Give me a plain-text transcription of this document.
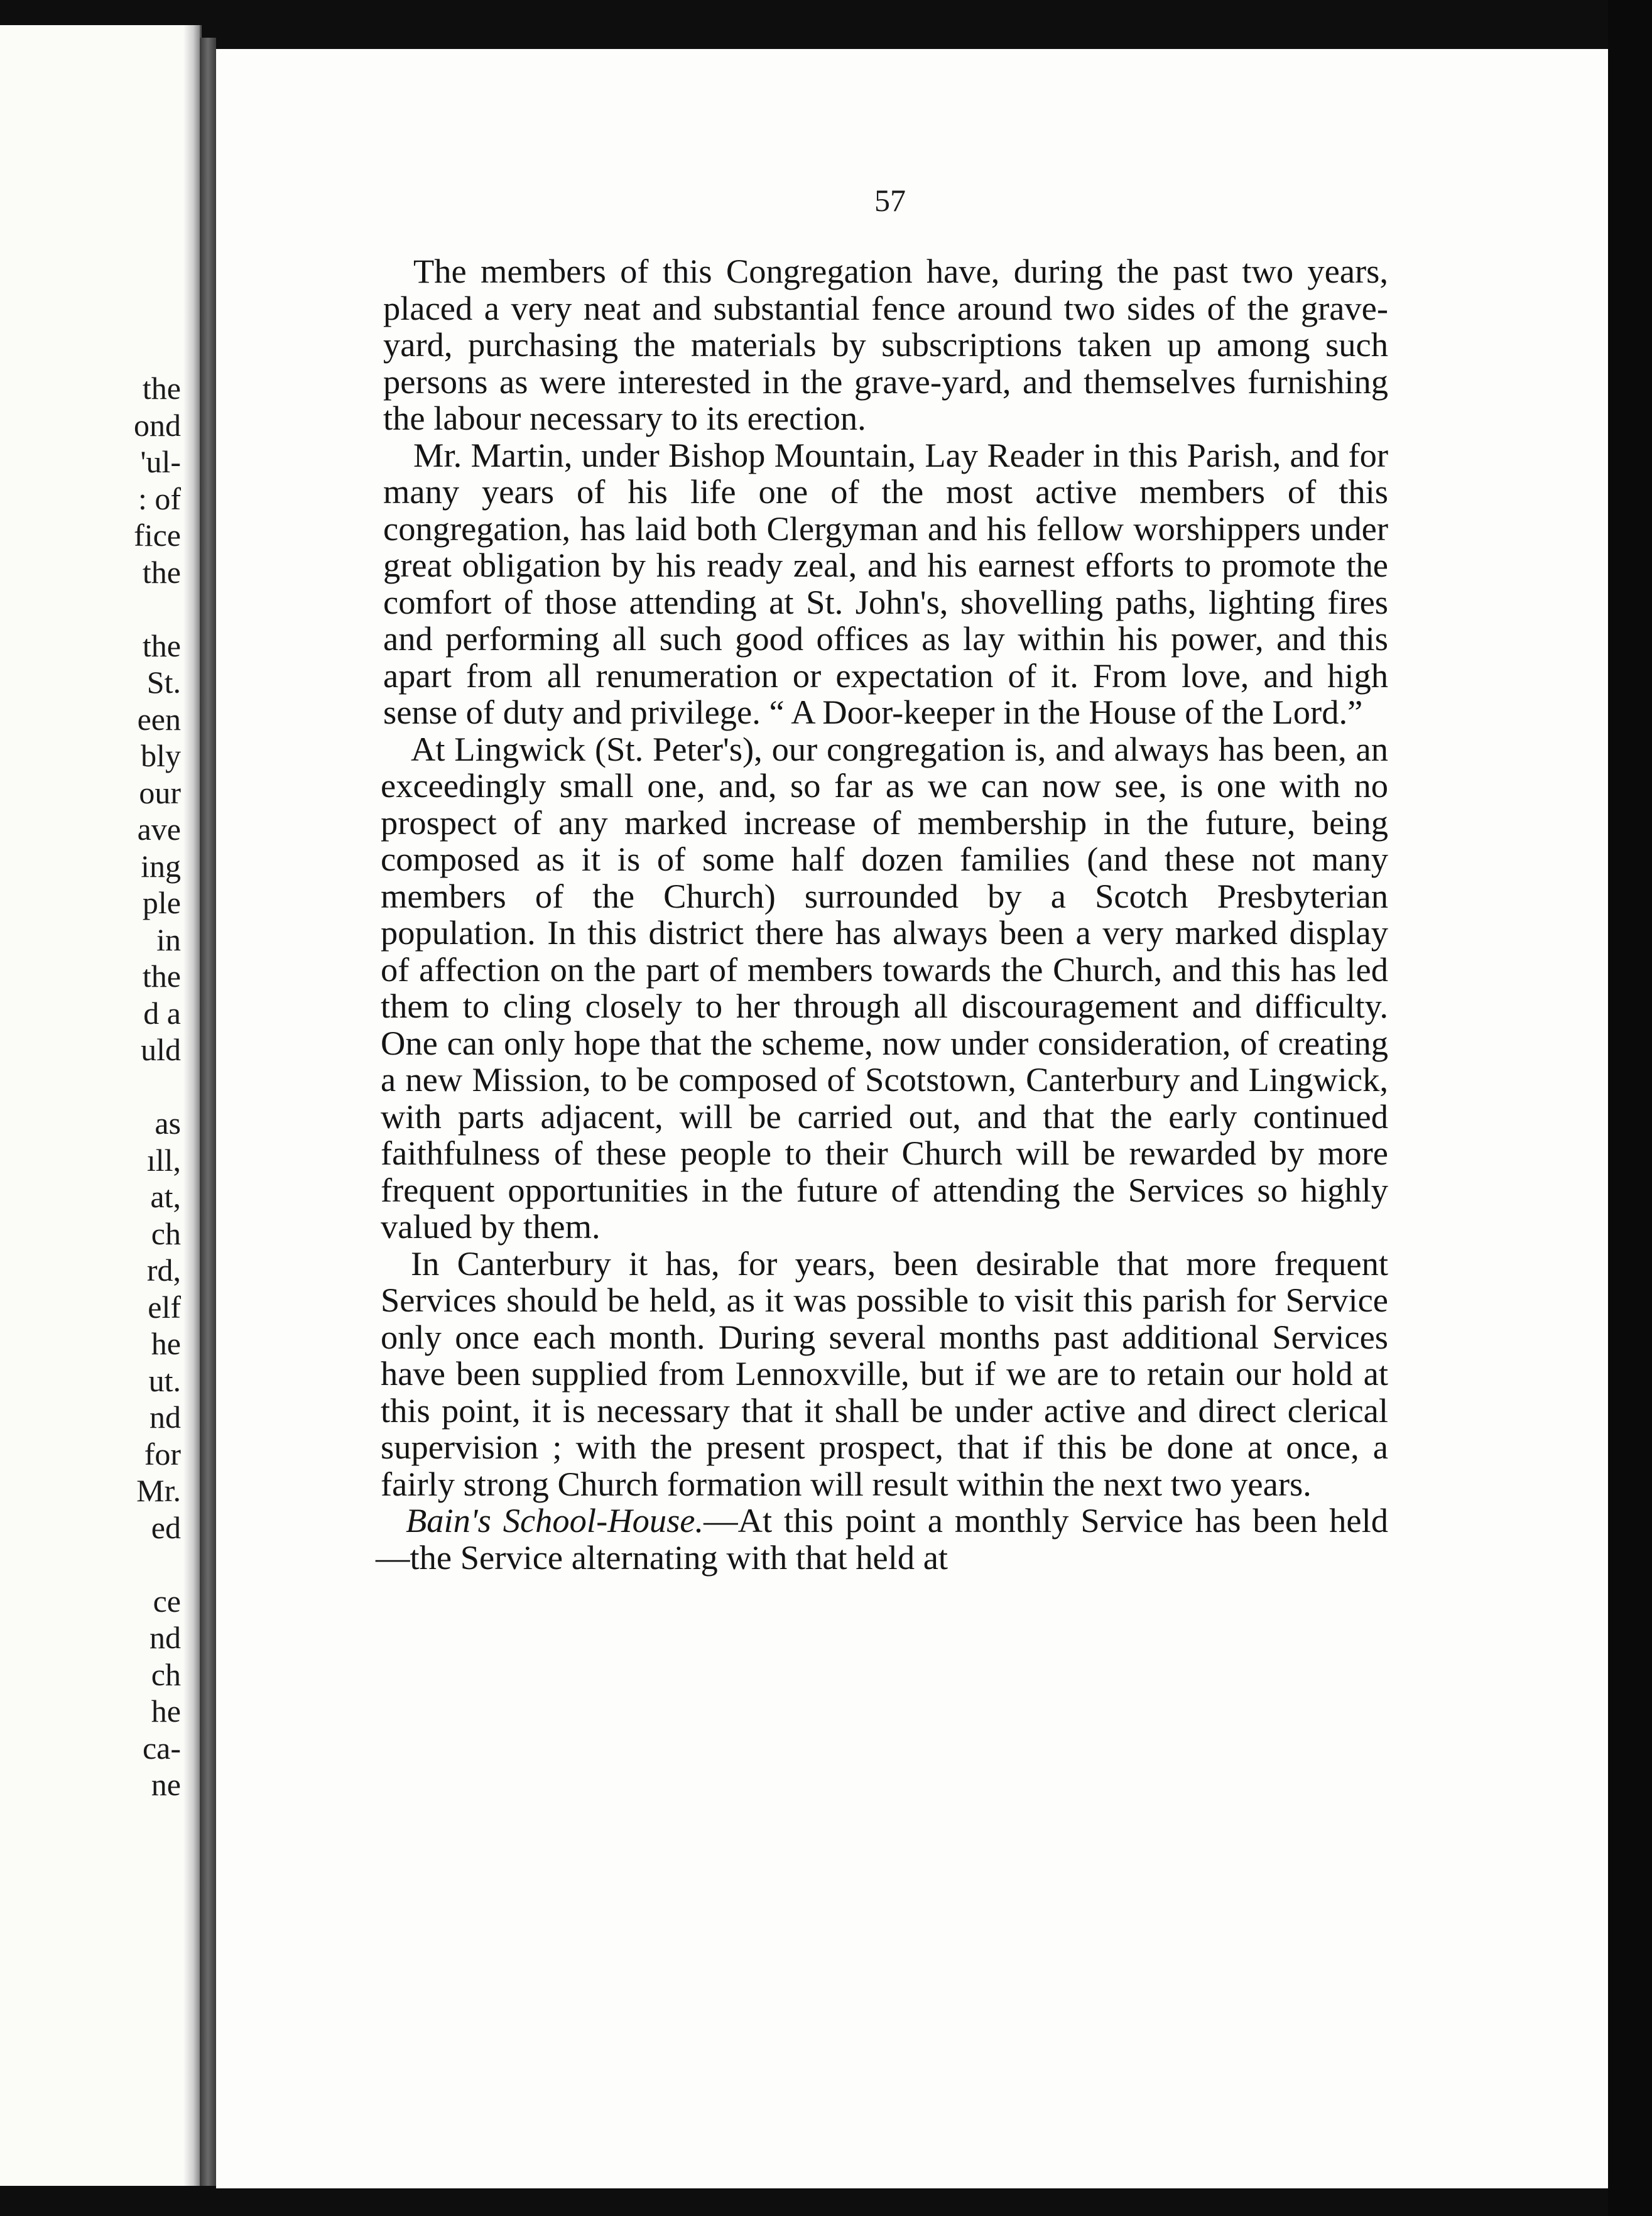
the
ond
'ul-
: of
fice
the
the
St.
een
bly
our
ave
ing
ple
in
the
d a
uld
as
ıll,
at,
ch
rd,
elf
he
ut.
nd
for
Mr.
ed
ce
nd
ch
he
ca-
ne
57

The members of this Congregation have, during the past two years, placed a very neat and substantial fence around two sides of the grave-yard, purchasing the materials by subscriptions taken up among such persons as were interested in the grave-yard, and themselves furnishing the labour necessary to its erection.

Mr. Martin, under Bishop Mountain, Lay Reader in this Parish, and for many years of his life one of the most active members of this congregation, has laid both Clergyman and his fellow worshippers under great obligation by his ready zeal, and his earnest efforts to promote the comfort of those attending at St. John's, shovelling paths, lighting fires and performing all such good offices as lay within his power, and this apart from all renumeration or expectation of it. From love, and high sense of duty and privilege. “ A Door-keeper in the House of the Lord.”

At Lingwick (St. Peter's), our congregation is, and always has been, an exceedingly small one, and, so far as we can now see, is one with no prospect of any marked increase of membership in the future, being composed as it is of some half dozen families (and these not many members of the Church) surrounded by a Scotch Presbyterian population. In this district there has always been a very marked display of affection on the part of members towards the Church, and this has led them to cling closely to her through all discouragement and difficulty. One can only hope that the scheme, now under consideration, of creating a new Mission, to be composed of Scotstown, Canterbury and Lingwick, with parts adjacent, will be carried out, and that the early continued faithfulness of these people to their Church will be rewarded by more frequent opportunities in the future of attending the Services so highly valued by them.

In Canterbury it has, for years, been desirable that more frequent Services should be held, as it was possible to visit this parish for Service only once each month. During several months past additional Services have been supplied from Lennoxville, but if we are to retain our hold at this point, it is necessary that it shall be under active and direct clerical supervision ; with the present prospect, that if this be done at once, a fairly strong Church formation will result within the next two years.

Bain's School-House.—At this point a monthly Service has been held—the Service alternating with that held at
